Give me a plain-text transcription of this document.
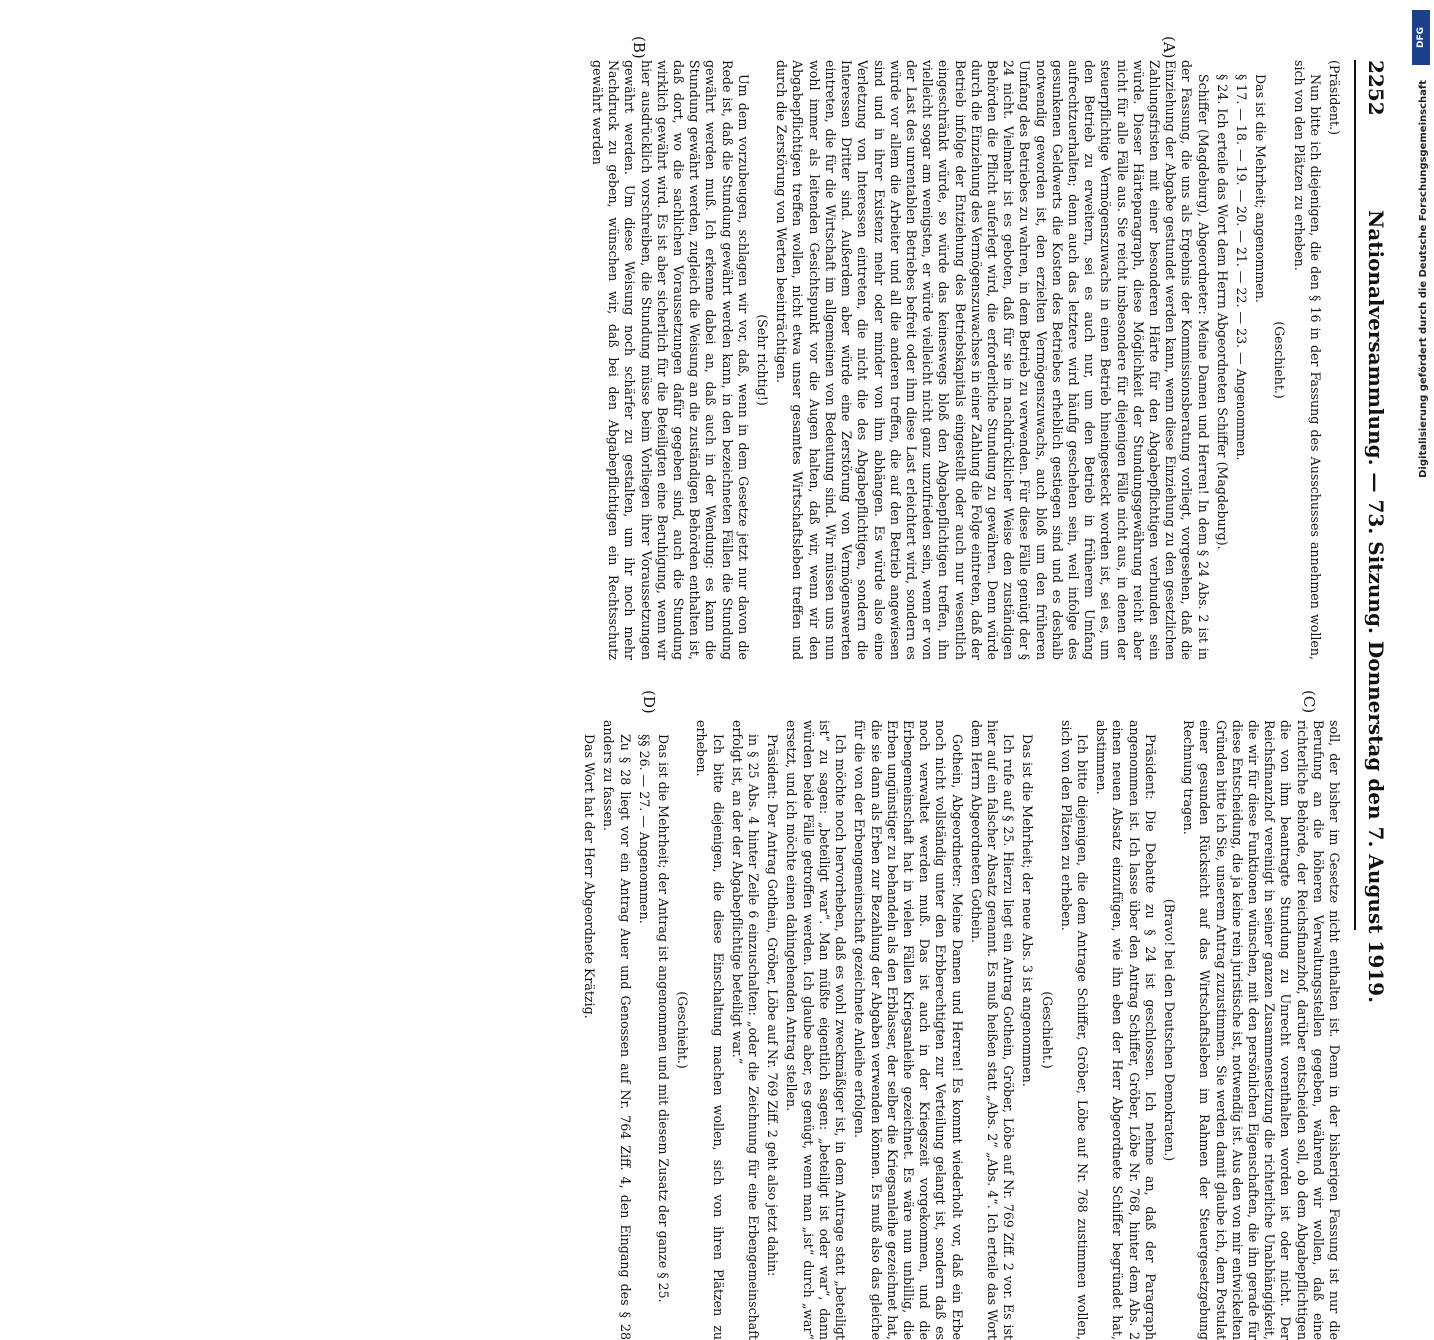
2252
Nationalversammlung. — 73. Sitzung. Donnerstag den 7. August 1919.
(A)
(B)
(C)
(D)

(Präsident.)

Nun bitte ich diejenigen, die den § 16 in der Fassung des Ausschusses annehmen wollen, sich von den Plätzen zu erheben.

(Geschieht.)

Das ist die Mehrheit; angenommen.

§ 17. — 18. — 19. — 20. — 21. — 22. — 23. — Angenommen.

§ 24. Ich erteile das Wort dem Herrn Abgeordneten Schiffer (Magdeburg).

Schiffer (Magdeburg), Abgeordneter: Meine Damen und Herren! In dem § 24 Abs. 2 ist in der Fassung, die uns als Ergebnis der Kommissionsberatung vorliegt, vorgesehen, daß die Einziehung der Abgabe gestundet werden kann, wenn diese Einziehung zu den gesetzlichen Zahlungsfristen mit einer besonderen Härte für den Abgabepflichtigen verbunden sein würde. Dieser Härteparagraph, diese Möglichkeit der Stundungsgewährung reicht aber nicht für alle Fälle aus. Sie reicht insbesondere für diejenigen Fälle nicht aus, in denen der steuerpflichtige Vermögenszuwachs in einen Betrieb hineingesteckt worden ist, sei es, um den Betrieb zu erweitern, sei es auch nur, um den Betrieb in früherem Umfang aufrechtzuerhalten; denn auch das letztere wird häufig geschehen sein, weil infolge des gesunkenen Geldwerts die Kosten des Betriebes erheblich gestiegen sind und es deshalb notwendig geworden ist, den erzielten Vermögenszuwachs, auch bloß um den früheren Umfang des Betriebes zu wahren, in dem Betrieb zu verwenden. Für diese Fälle genügt der § 24 nicht. Vielmehr ist es geboten, daß für sie in nachdrücklicher Weise den zuständigen Behörden die Pflicht auferlegt wird, die erforderliche Stundung zu gewähren. Denn würde durch die Einziehung des Vermögenszuwachses in einer Zahlung die Folge eintreten, daß der Betrieb infolge der Entziehung des Betriebskapitals eingestellt oder auch nur wesentlich eingeschränkt würde, so würde das keineswegs bloß den Abgabepflichtigen treffen, ihn vielleicht sogar am wenigsten, er würde vielleicht nicht ganz unzufrieden sein, wenn er von der Last des unrentablen Betriebes befreit oder ihm diese Last erleichtert wird, sondern es würde vor allem die Arbeiter und all die anderen treffen, die auf den Betrieb angewiesen sind und in ihrer Existenz mehr oder minder von ihm abhängen. Es würde also eine Verletzung von Interessen eintreten, die nicht die des Abgabepflichtigen, sondern die Interessen Dritter sind. Außerdem aber würde eine Zerstörung von Vermögenswerten eintreten, die für die Wirtschaft im allgemeinen von Bedeutung sind. Wir müssen uns nun wohl immer als leitenden Gesichtspunkt vor die Augen halten, daß wir, wenn wir den Abgabepflichtigen treffen wollen, nicht etwa unser gesamtes Wirtschaftsleben treffen und durch die Zerstörung von Werten beeinträchtigen.

(Sehr richtig!)

Um dem vorzubeugen, schlagen wir vor, daß, wenn in dem Gesetze jetzt nur davon die Rede ist, daß die Stundung gewährt werden kann, in den bezeichneten Fällen die Stundung gewährt werden muß. Ich erkenne dabei an, daß auch in der Wendung: es kann die Stundung gewährt werden, zugleich die Weisung an die zuständigen Behörden enthalten ist, daß dort, wo die sachlichen Voraussetzungen dafür gegeben sind, auch die Stundung wirklich gewährt wird. Es ist aber sicherlich für die Beteiligten eine Beruhigung, wenn wir hier ausdrücklich vorschreiben, die Stundung müsse beim Vorliegen ihrer Voraussetzungen gewährt werden. Um diese Weisung noch schärfer zu gestalten, um ihr noch mehr Nachdruck zu geben, wünschen wir, daß bei den Abgabepflichtigen ein Rechtsschutz gewährt werden

soll, der bisher im Gesetze nicht enthalten ist. Denn in der bisherigen Fassung ist nur die Berufung an die höheren Verwaltungsstellen gegeben, während wir wollen, daß eine richterliche Behörde, der Reichsfinanzhof, darüber entscheiden soll, ob dem Abgabepflichtigen die von ihm beantragte Stundung zu Unrecht vorenthalten worden ist oder nicht. Der Reichsfinanzhof vereinigt in seiner ganzen Zusammensetzung die richterliche Unabhängigkeit, die wir für diese Funktionen wünschen, mit den persönlichen Eigenschaften, die ihn gerade für diese Entscheidung, die ja keine rein juristische ist, notwendig ist. Aus den von mir entwickelten Gründen bitte ich Sie, unserem Antrag zuzustimmen. Sie werden damit glaube ich, dem Postulat einer gesunden Rücksicht auf das Wirtschaftsleben im Rahmen der Steuergesetzgebung Rechnung tragen.

(Bravo! bei den Deutschen Demokraten.)

Präsident: Die Debatte zu § 24 ist geschlossen. Ich nehme an, daß der Paragraph angenommen ist. Ich lasse über den Antrag Schiffer, Gröber, Löbe Nr. 768, hinter dem Abs. 2 einen neuen Absatz einzufügen, wie ihn eben der Herr Abgeordnete Schiffer begründet hat, abstimmen.

Ich bitte diejenigen, die dem Antrage Schiffer, Gröber, Löbe auf Nr. 768 zustimmen wollen, sich von den Plätzen zu erheben.

(Geschieht.)

Das ist die Mehrheit; der neue Abs. 3 ist angenommen.

Ich rufe auf § 25. Hierzu liegt ein Antrag Gothein, Gröber, Löbe auf Nr. 769 Ziff. 2 vor. Es ist hier auf ein falscher Absatz genannt. Es muß heißen statt „Abs. 2“ „Abs. 4“. Ich erteile das Wort dem Herrn Abgeordneten Gothein.

Gothein, Abgeordneter: Meine Damen und Herren! Es kommt wiederholt vor, daß ein Erbe noch nicht vollständig unter den Erbberechtigten zur Verteilung gelangt ist, sondern daß es noch verwaltet werden muß. Das ist auch in der Kriegszeit vorgekommen, und die Erbengemeinschaft hat in vielen Fällen Kriegsanleihe gezeichnet. Es wäre nun unbillig, die Erben ungünstiger zu behandeln als den Erblasser, der selber die Kriegsanleihe gezeichnet hat, die sie dann als Erben zur Bezahlung der Abgaben verwenden können. Es muß also das gleiche für die von der Erbengemeinschaft gezeichnete Anleihe erfolgen.

Ich möchte noch hervorheben, daß es wohl zweckmäßiger ist, in dem Antrage statt „beteiligt ist“ zu sagen: „beteiligt war“. Man müßte eigentlich sagen: „beteiligt ist oder war“, dann würden beide Fälle getroffen werden. Ich glaube aber, es genügt, wenn man „ist“ durch „war“ ersetzt, und ich möchte einen dahingehenden Antrag stellen.

Präsident: Der Antrag Gothein, Gröber, Löbe auf Nr. 769 Ziff. 2 geht also jetzt dahin:

in § 25 Abs. 4 hinter Zeile 6 einzuschalten: „oder die Zeichnung für eine Erbengemeinschaft erfolgt ist, an der der Abgabepflichtige beteiligt war.“

Ich bitte diejenigen, die diese Einschaltung machen wollen, sich von ihren Plätzen zu erheben.

(Geschieht.)

Das ist die Mehrheit; der Antrag ist angenommen und mit diesem Zusatz der ganze § 25.

§§ 26. — 27. — Angenommen.

Zu § 28 liegt vor ein Antrag Auer und Genossen auf Nr. 764 Ziff. 4, den Eingang des § 28 anders zu fassen.

Das Wort hat der Herr Abgeordnete Krätzig.

DFG
Digitalisierung gefördert durch die Deutsche Forschungsgemeinschaft
